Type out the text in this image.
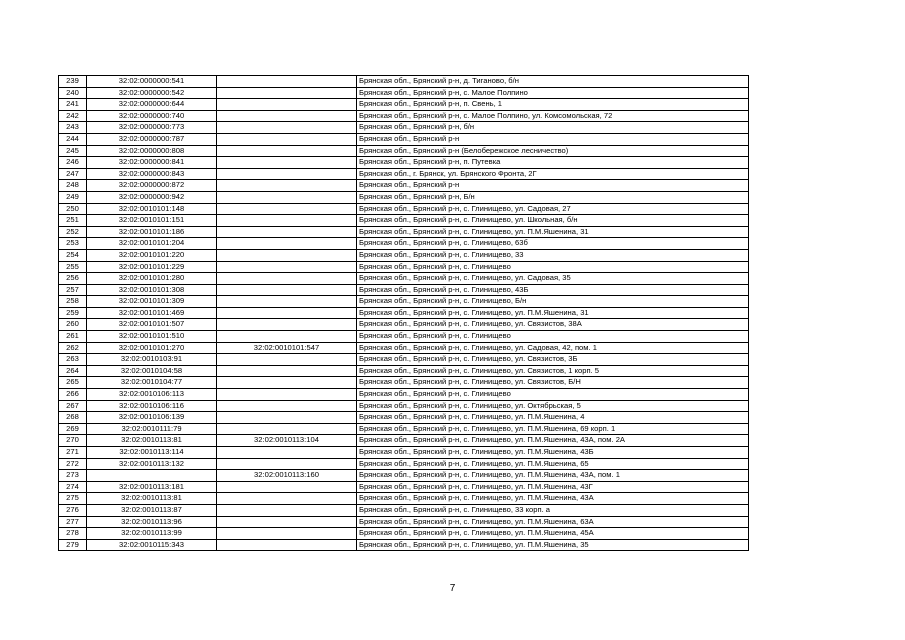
239	32:02:0000000:541		Брянская обл., Брянский р-н, д. Тиганово, б/н
240	32:02:0000000:542		Брянская обл., Брянский р-н, с. Малое Полпино
241	32:02:0000000:644		Брянская обл., Брянский р-н, п. Свень, 1
242	32:02:0000000:740		Брянская обл., Брянский р-н, с. Малое Полпино, ул. Комсомольская, 72
243	32:02:0000000:773		Брянская обл., Брянский р-н, б/н
244	32:02:0000000:787		Брянская обл., Брянский р-н
245	32:02:0000000:808		Брянская обл., Брянский р-н (Белобережское лесничество)
246	32:02:0000000:841		Брянская обл., Брянский р-н, п. Путевка
247	32:02:0000000:843		Брянская обл., г. Брянск, ул. Брянского Фронта, 2Г
248	32:02:0000000:872		Брянская обл., Брянский р-н
249	32:02:0000000:942		Брянская обл., Брянский р-н, Б/н
250	32:02:0010101:148		Брянская обл., Брянский р-н, с. Глинищево, ул. Садовая, 27
251	32:02:0010101:151		Брянская обл., Брянский р-н, с. Глинищево, ул. Школьная, б/н
252	32:02:0010101:186		Брянская обл., Брянский р-н, с. Глинищево, ул. П.М.Яшенина, 31
253	32:02:0010101:204		Брянская обл., Брянский р-н, с. Глинищево, 63б
254	32:02:0010101:220		Брянская обл., Брянский р-н, с. Глинищево, 33
255	32:02:0010101:229		Брянская обл., Брянский р-н, с. Глинищево
256	32:02:0010101:280		Брянская обл., Брянский р-н, с. Глинищево, ул. Садовая, 35
257	32:02:0010101:308		Брянская обл., Брянский р-н, с. Глинищево, 43Б
258	32:02:0010101:309		Брянская обл., Брянский р-н, с. Глинищево, Б/н
259	32:02:0010101:469		Брянская обл., Брянский р-н, с. Глинищево, ул. П.М.Яшенина, 31
260	32:02:0010101:507		Брянская обл., Брянский р-н, с. Глинищево, ул. Связистов, 38А
261	32:02:0010101:510		Брянская обл., Брянский р-н, с. Глинищево
262	32:02:0010101:270	32:02:0010101:547	Брянская обл., Брянский р-н, с. Глинищево, ул. Садовая, 42, пом. 1
263	32:02:0010103:91		Брянская обл., Брянский р-н, с. Глинищево, ул. Связистов, 3Б
264	32:02:0010104:58		Брянская обл., Брянский р-н, с. Глинищево, ул. Связистов, 1 корп. 5
265	32:02:0010104:77		Брянская обл., Брянский р-н, с. Глинищево, ул. Связистов, Б/Н
266	32:02:0010106:113		Брянская обл., Брянский р-н, с. Глинищево
267	32:02:0010106:116		Брянская обл., Брянский р-н, с. Глинищево, ул. Октябрьская, 5
268	32:02:0010106:139		Брянская обл., Брянский р-н, с. Глинищево, ул. П.М.Яшенина, 4
269	32:02:0010111:79		Брянская обл., Брянский р-н, с. Глинищево, ул. П.М.Яшенина, 69 корп. 1
270	32:02:0010113:81	32:02:0010113:104	Брянская обл., Брянский р-н, с. Глинищево, ул. П.М.Яшенина, 43А, пом. 2А
271	32:02:0010113:114		Брянская обл., Брянский р-н, с. Глинищево, ул. П.М.Яшенина, 43Б
272	32:02:0010113:132		Брянская обл., Брянский р-н, с. Глинищево, ул. П.М.Яшенина, 65
273		32:02:0010113:160	Брянская обл., Брянский р-н, с. Глинищево, ул. П.М.Яшенина, 43А, пом. 1
274	32:02:0010113:181		Брянская обл., Брянский р-н, с. Глинищево, ул. П.М.Яшенина, 43Г
275	32:02:0010113:81		Брянская обл., Брянский р-н, с. Глинищево, ул. П.М.Яшенина, 43А
276	32:02:0010113:87		Брянская обл., Брянский р-н, с. Глинищево, 33 корп. а
277	32:02:0010113:96		Брянская обл., Брянский р-н, с. Глинищево, ул. П.М.Яшенина, 63А
278	32:02:0010113:99		Брянская обл., Брянский р-н, с. Глинищево, ул. П.М.Яшенина, 45А
279	32:02:0010115:343		Брянская обл., Брянский р-н, с. Глинищево, ул. П.М.Яшенина, 35
7
